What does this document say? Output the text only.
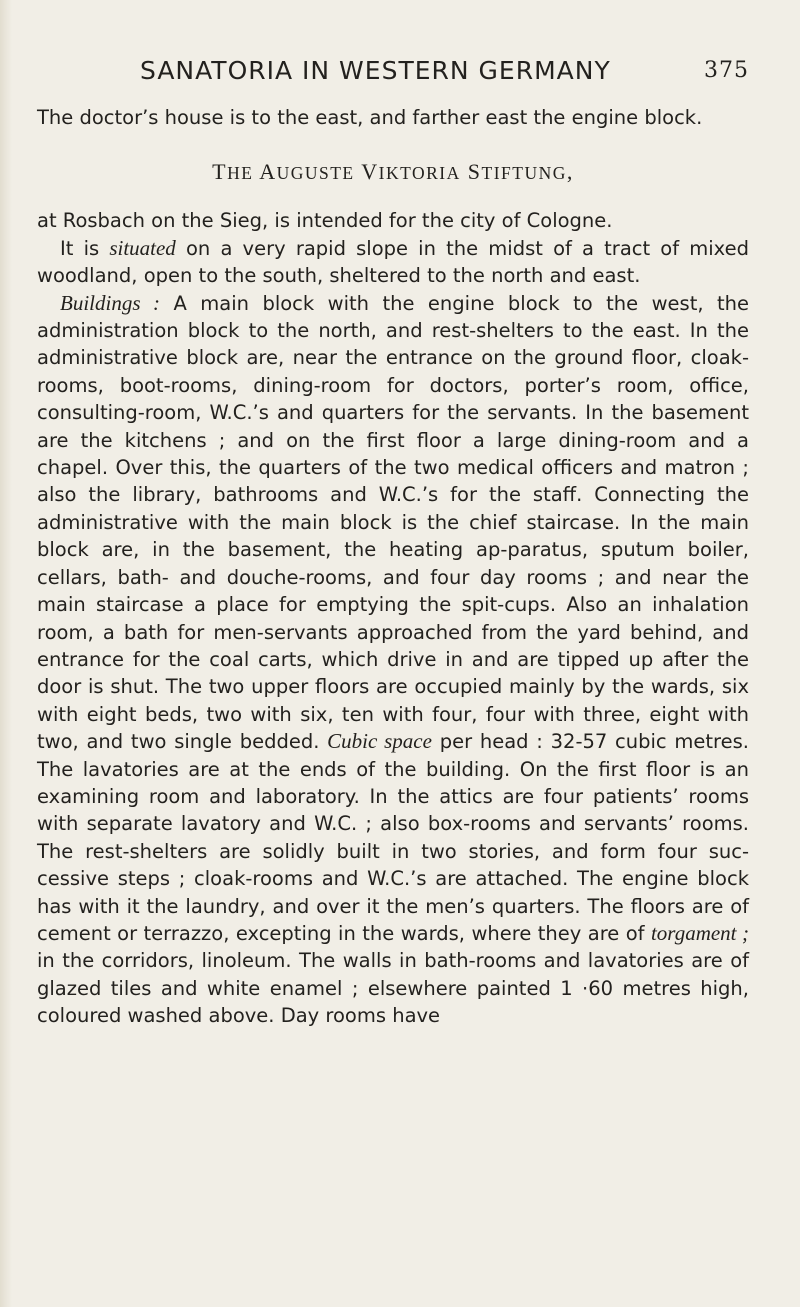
SANATORIA IN WESTERN GERMANY	375

The doctor’s house is to the east, and farther east the engine block.

THE AUGUSTE VIKTORIA STIFTUNG,

at Rosbach on the Sieg, is intended for the city of Cologne.

It is situated on a very rapid slope in the midst of a tract of mixed woodland, open to the south, sheltered to the north and east.

Buildings : A main block with the engine block to the west, the administration block to the north, and rest-shelters to the east. In the administrative block are, near the entrance on the ground floor, cloak-rooms, boot-rooms, dining-room for doctors, porter’s room, office, consulting-room, W.C.’s and quarters for the servants. In the basement are the kitchens ; and on the first floor a large dining-room and a chapel. Over this, the quarters of the two medical officers and matron ; also the library, bathrooms and W.C.’s for the staff. Connecting the administrative with the main block is the chief staircase. In the main block are, in the basement, the heating ap-paratus, sputum boiler, cellars, bath- and douche-rooms, and four day rooms ; and near the main staircase a place for emptying the spit-cups. Also an inhalation room, a bath for men-servants approached from the yard behind, and entrance for the coal carts, which drive in and are tipped up after the door is shut. The two upper floors are occupied mainly by the wards, six with eight beds, two with six, ten with four, four with three, eight with two, and two single bedded. Cubic space per head : 32-57 cubic metres. The lavatories are at the ends of the building. On the first floor is an examining room and laboratory. In the attics are four patients’ rooms with separate lavatory and W.C. ; also box-rooms and servants’ rooms. The rest-shelters are solidly built in two stories, and form four suc-cessive steps ; cloak-rooms and W.C.’s are attached. The engine block has with it the laundry, and over it the men’s quarters. The floors are of cement or terrazzo, excepting in the wards, where they are of torgament ; in the corridors, linoleum. The walls in bath-rooms and lavatories are of glazed tiles and white enamel ; elsewhere painted 1 ·60 metres high, coloured washed above. Day rooms have
